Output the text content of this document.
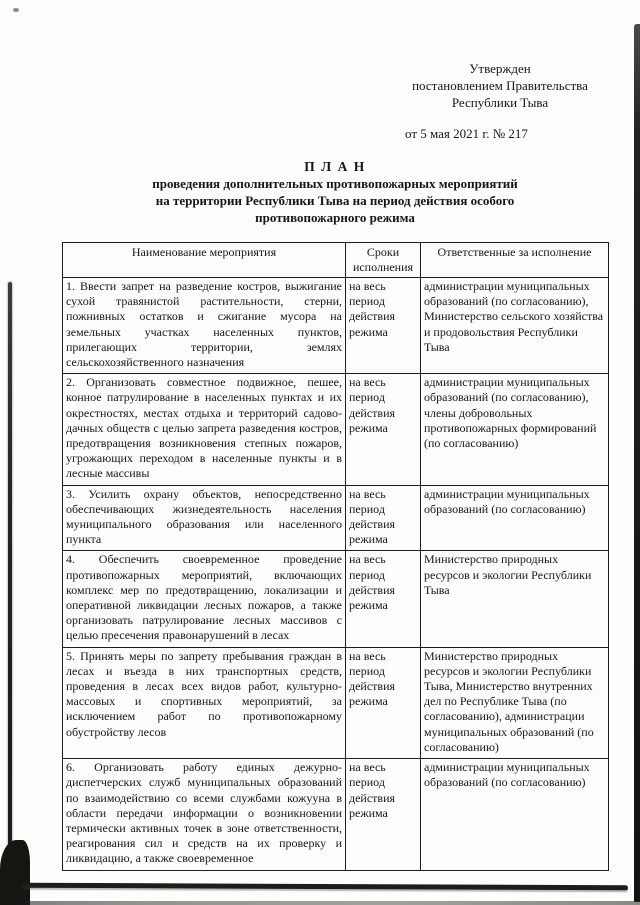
Утвержден
постановлением Правительства
Республики Тыва
от 5 мая 2021 г. № 217
П Л А Н
проведения дополнительных противопожарных мероприятий
на территории Республики Тыва на период действия особого
противопожарного режима
Наименование мероприятия	Сроки исполнения	Ответственные за исполнение
1. Ввести запрет на разведение костров, выжигание сухой травянистой растительности, стерни, пожнивных остатков и сжигание мусора на земельных участках населенных пунктов, прилегающих территории, землях сельскохозяйственного назначения	на весь период действия режима	администрации муниципальных образований (по согласованию), Министерство сельского хозяйства и продовольствия Республики Тыва
2. Организовать совместное подвижное, пешее, конное патрулирование в населенных пунктах и их окрестностях, местах отдыха и территорий садово-дачных обществ с целью запрета разведения костров, предотвращения возникновения степных пожаров, угрожающих переходом в населенные пункты и в лесные массивы	на весь период действия режима	администрации муниципальных образований (по согласованию), члены добровольных противопожарных формирований (по согласованию)
3. Усилить охрану объектов, непосредственно обеспечивающих жизнедеятельность населения муниципального образования или населенного пункта	на весь период действия режима	администрации муниципальных образований (по согласованию)
4. Обеспечить своевременное проведение противопожарных мероприятий, включающих комплекс мер по предотвращению, локализации и оперативной ликвидации лесных пожаров, а также организовать патрулирование лесных массивов с целью пресечения правонарушений в лесах	на весь период действия режима	Министерство природных ресурсов и экологии Республики Тыва
5. Принять меры по запрету пребывания граждан в лесах и въезда в них транспортных средств, проведения в лесах всех видов работ, культурно-массовых и спортивных мероприятий, за исключением работ по противопожарному обустройству лесов	на весь период действия режима	Министерство природных ресурсов и экологии Республики Тыва, Министерство внутренних дел по Республике Тыва (по согласованию), администрации муниципальных образований (по согласованию)
6. Организовать работу единых дежурно-диспетчерских служб муниципальных образований по взаимодействию со всеми службами кожууна в области передачи информации о возникновении термически активных точек в зоне ответственности, реагирования сил и средств на их проверку и ликвидацию, а также своевременное	на весь период действия режима	администрации муниципальных образований (по согласованию)
